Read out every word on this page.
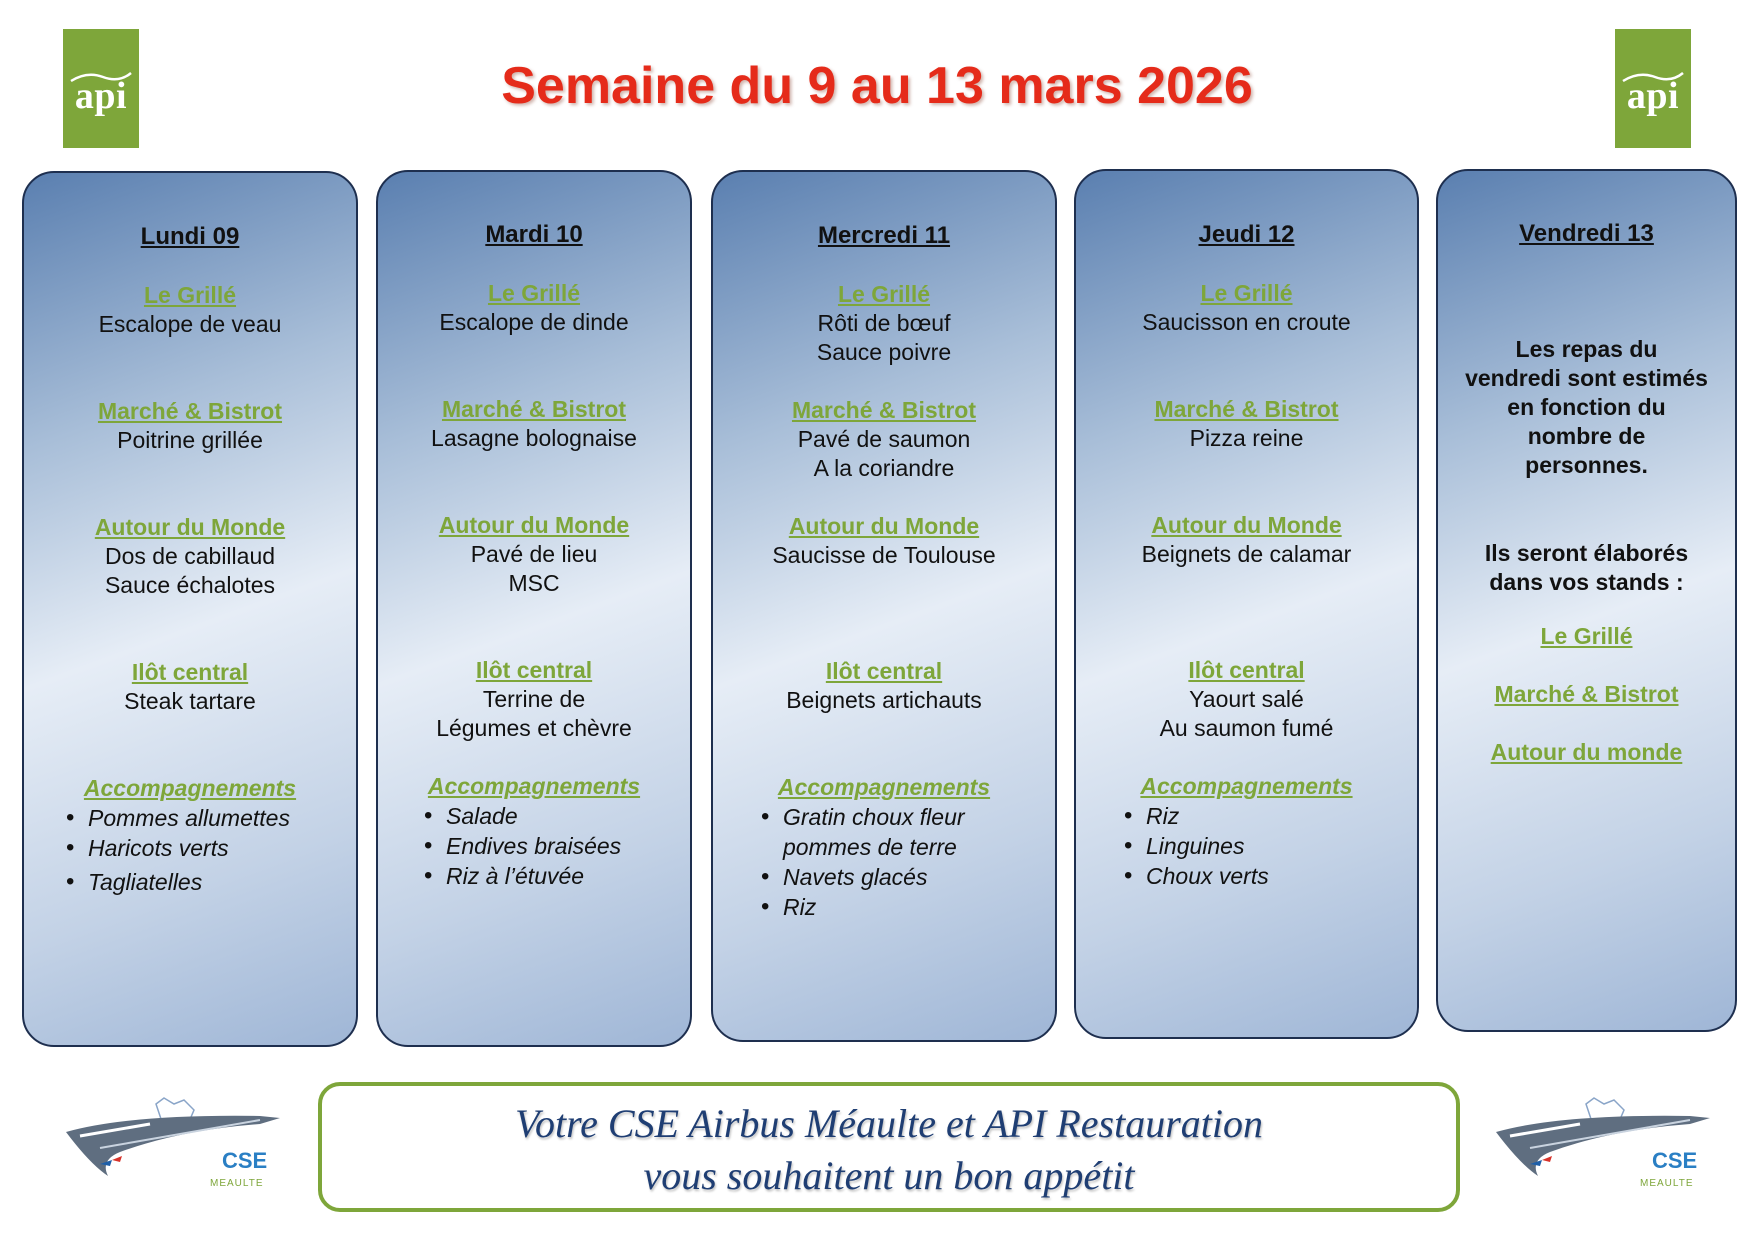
api	api
Semaine du 9 au 13 mars 2026
Lundi 09
Le Grillé
Escalope de veau
Marché & Bistrot
Poitrine grillée
Autour du Monde
Dos de cabillaud
Sauce échalotes
Ilôt central
Steak tartare
Accompagnements
• Pommes allumettes
• Haricots verts
• Tagliatelles
Mardi 10
Le Grillé
Escalope de dinde
Marché & Bistrot
Lasagne bolognaise
Autour du Monde
Pavé de lieu
MSC
Ilôt central
Terrine de
Légumes et chèvre
Accompagnements
• Salade
• Endives braisées
• Riz à l’étuvée
Mercredi 11
Le Grillé
Rôti de bœuf
Sauce poivre
Marché & Bistrot
Pavé de saumon
A la coriandre
Autour du Monde
Saucisse de Toulouse
Ilôt central
Beignets artichauts
Accompagnements
• Gratin choux fleur
pommes de terre
• Navets glacés
• Riz
Jeudi 12
Le Grillé
Saucisson en croute
Marché & Bistrot
Pizza reine
Autour du Monde
Beignets de calamar
Ilôt central
Yaourt salé
Au saumon fumé
Accompagnements
• Riz
• Linguines
• Choux verts
Vendredi 13
Les repas du
vendredi sont estimés
en fonction du
nombre de
personnes.
Ils seront élaborés
dans vos stands :
Le Grillé
Marché & Bistrot
Autour du monde
CSE
MEAULTE
CSE
MEAULTE
Votre CSE Airbus Méaulte et API Restauration
vous souhaitent un bon appétit
